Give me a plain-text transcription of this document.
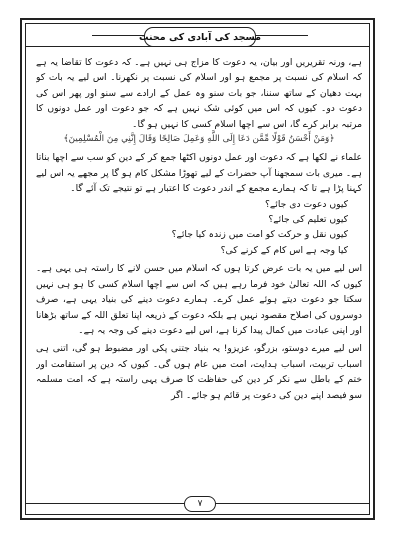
مسجد کی آبادی کی محنت

ہے، ورنہ تقریریں اور بیان، یہ دعوت کا مزاج ہی نہیں ہے۔ کہ دعوت کا تقاضا یہ ہے کہ اسلام کی نسبت پر مجمع ہو اور اسلام کی نسبت پر نکھرنا۔ اس لیے یہ بات کو بہت دھیان کے ساتھ سننا، جو بات سنو وہ عمل کے ارادے سے سنو اور پھر اس کی دعوت دو۔ کیوں کہ اس میں کوئی شک نہیں ہے کہ جو دعوت اور عمل دونوں کا مرتبہ برابر کرے گا، اس سے اچھا اسلام کسی کا نہیں ہو گا۔

﴿وَمَنْ أَحْسَنُ قَوْلًا مِّمَّن دَعَا إِلَى اللَّهِ وَعَمِلَ صَالِحًا وَقَالَ إِنَّنِي مِنَ الْمُسْلِمِينَ﴾

علماء نے لکھا ہے کہ دعوت اور عمل دونوں اکٹھا جمع کر کے دین کو سب سے اچھا بناتا ہے۔ میری بات سمجھنا آپ حضرات کے لیے تھوڑا مشکل کام ہو گا پر مجھے یہ اس لیے کہنا پڑا ہے تا کہ ہمارے مجمع کے اندر دعوت کا اعتبار ہے تو نتیجے تک آئے گا۔

کیوں دعوت دی جائے؟

کیوں تعلیم کی جائے؟

کیوں نقل و حرکت کو امت میں زندہ کیا جائے؟

کیا وجہ ہے اس کام کے کرنے کی؟

اس لیے میں یہ بات عرض کرتا ہوں کہ اسلام میں حسن لانے کا راستہ ہی یہی ہے۔ کیوں کہ اللہ تعالیٰ خود فرما رہے ہیں کہ اس سے اچھا اسلام کسی کا ہو ہی نہیں سکتا جو دعوت دیتے ہوئے عمل کرے۔ ہمارے دعوت دینے کی بنیاد یہی ہے، صرف دوسروں کی اصلاح مقصود نہیں ہے بلکہ دعوت کے ذریعہ اپنا تعلق اللہ کے ساتھ بڑھانا اور اپنی عبادت میں کمال پیدا کرنا ہے، اس لیے دعوت دینے کی وجہ یہ ہے۔

اس لیے میرے دوستو، بزرگو، عزیزو! یہ بنیاد جتنی پکی اور مضبوط ہو گی، اتنی ہی اسباب تربیت، اسباب ہدایت، امت میں عام ہوں گی۔ کیوں کہ دین پر استقامت اور ختم کے باطل سے نکر کر دین کی حفاظت کا صرف یہی راستہ ہے کہ امت مسلمہ سو فیصد اپنے دین کی دعوت پر قائم ہو جائے۔ اگر

۷
